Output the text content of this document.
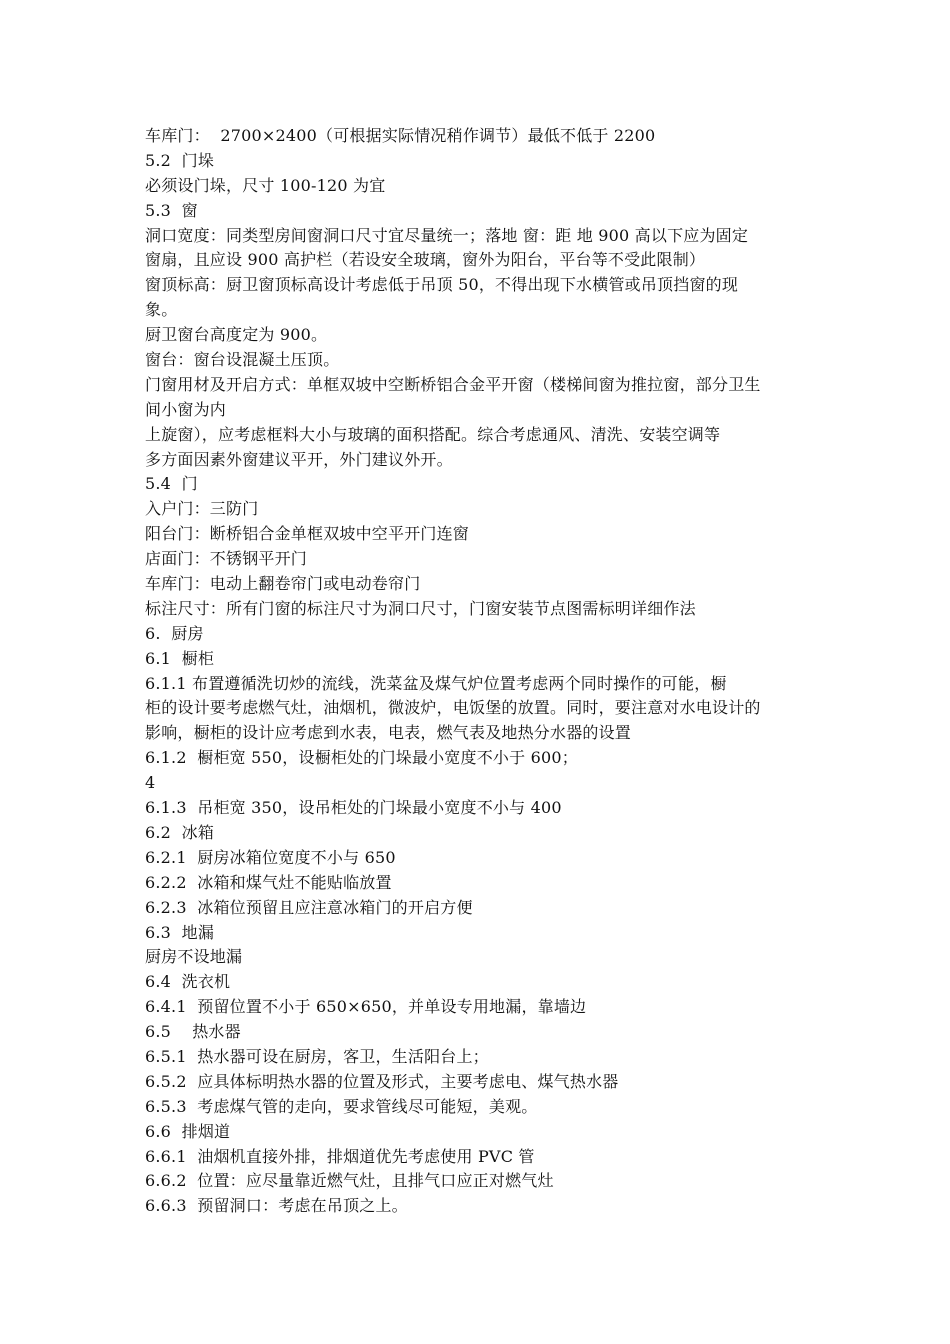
车库门：  2700×2400（可根据实际情况稍作调节）最低不低于 2200
5.2  门垛
必须设门垛，尺寸 100-120 为宜
5.3  窗
洞口宽度：同类型房间窗洞口尺寸宜尽量统一；落地 窗：距 地 900 高以下应为固定
窗扇，且应设 900 高护栏（若设安全玻璃，窗外为阳台，平台等不受此限制）
窗顶标高：厨卫窗顶标高设计考虑低于吊顶 50，不得出现下水横管或吊顶挡窗的现
象。
厨卫窗台高度定为 900。
窗台：窗台设混凝土压顶。
门窗用材及开启方式：单框双坡中空断桥铝合金平开窗（楼梯间窗为推拉窗，部分卫生
间小窗为内
上旋窗），应考虑框料大小与玻璃的面积搭配。综合考虑通风、清洗、安装空调等
多方面因素外窗建议平开，外门建议外开。
5.4  门
入户门：三防门
阳台门：断桥铝合金单框双坡中空平开门连窗
店面门：不锈钢平开门
车库门：电动上翻卷帘门或电动卷帘门
标注尺寸：所有门窗的标注尺寸为洞口尺寸，门窗安装节点图需标明详细作法
6.  厨房
6.1  橱柜
6.1.1 布置遵循洗切炒的流线，洗菜盆及煤气炉位置考虑两个同时操作的可能，橱
柜的设计要考虑燃气灶，油烟机，微波炉，电饭堡的放置。同时，要注意对水电设计的
影响，橱柜的设计应考虑到水表，电表，燃气表及地热分水器的设置
6.1.2  橱柜宽 550，设橱柜处的门垛最小宽度不小于 600；
4
6.1.3  吊柜宽 350，设吊柜处的门垛最小宽度不小与 400
6.2  冰箱
6.2.1  厨房冰箱位宽度不小与 650
6.2.2  冰箱和煤气灶不能贴临放置
6.2.3  冰箱位预留且应注意冰箱门的开启方便
6.3  地漏
厨房不设地漏
6.4  洗衣机
6.4.1  预留位置不小于 650×650，并单设专用地漏，靠墙边
6.5    热水器
6.5.1  热水器可设在厨房，客卫，生活阳台上；
6.5.2  应具体标明热水器的位置及形式，主要考虑电、煤气热水器
6.5.3  考虑煤气管的走向，要求管线尽可能短，美观。
6.6  排烟道
6.6.1  油烟机直接外排，排烟道优先考虑使用 PVC 管
6.6.2  位置：应尽量靠近燃气灶，且排气口应正对燃气灶
6.6.3  预留洞口：考虑在吊顶之上。
